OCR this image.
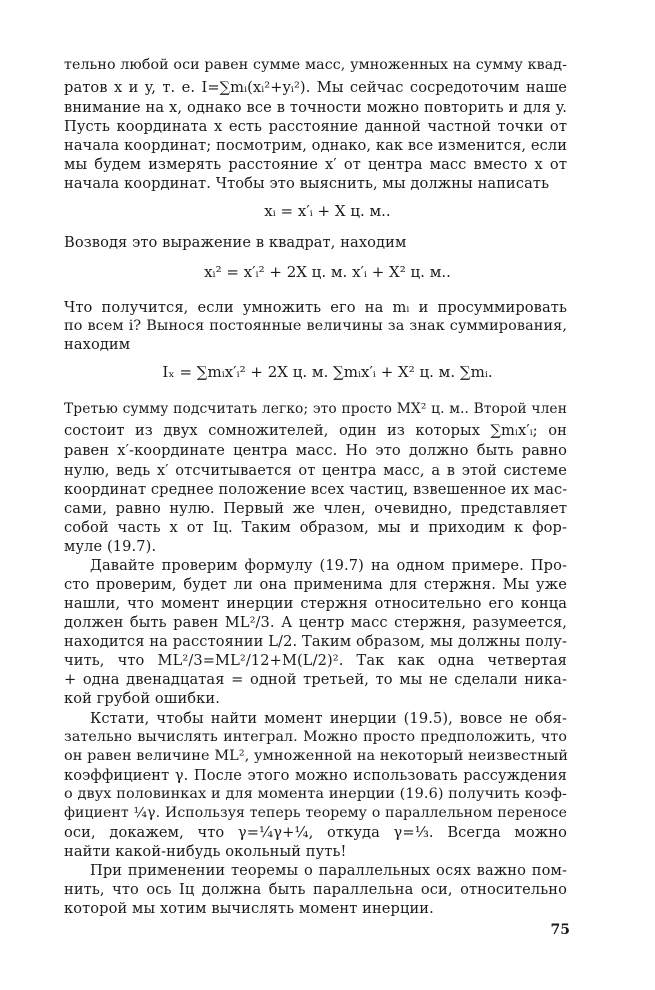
тельно любой оси равен сумме масс, умноженных на сумму квад-
ратов x и y, т. е. I=∑mᵢ(xᵢ²+yᵢ²). Мы сейчас сосредоточим наше
внимание на x, однако все в точности можно повторить и для y.
Пусть координата x есть расстояние данной частной точки от
начала координат; посмотрим, однако, как все изменится, если
мы будем измерять расстояние x′ от центра масс вместо x от
начала координат. Чтобы это выяснить, мы должны написать
xᵢ = x′ᵢ + X ц. м..
Возводя это выражение в квадрат, находим
xᵢ² = x′ᵢ² + 2X ц. м. x′ᵢ + X² ц. м..
Что получится, если умножить его на mᵢ и просуммировать
по всем i? Вынося постоянные величины за знак суммирования,
находим
Iₓ = ∑mᵢx′ᵢ² + 2X ц. м. ∑mᵢx′ᵢ + X² ц. м. ∑mᵢ.
Третью сумму подсчитать легко; это просто MX² ц. м.. Второй член
состоит из двух сомножителей, один из которых ∑mᵢx′ᵢ; он
равен x′-координате центра масс. Но это должно быть равно
нулю, ведь x′ отсчитывается от центра масс, а в этой системе
координат среднее положение всех частиц, взвешенное их мас-
сами, равно нулю. Первый же член, очевидно, представляет
собой часть x от Iц. Таким образом, мы и приходим к фор-
муле (19.7).
Давайте проверим формулу (19.7) на одном примере. Про-
сто проверим, будет ли она применима для стержня. Мы уже
нашли, что момент инерции стержня относительно его конца
должен быть равен ML²/3. А центр масс стержня, разумеется,
находится на расстоянии L/2. Таким образом, мы должны полу-
чить, что ML²/3=ML²/12+M(L/2)². Так как одна четвертая
+ одна двенадцатая = одной третьей, то мы не сделали ника-
кой грубой ошибки.
Кстати, чтобы найти момент инерции (19.5), вовсе не обя-
зательно вычислять интеграл. Можно просто предположить, что
он равен величине ML², умноженной на некоторый неизвестный
коэффициент γ. После этого можно использовать рассуждения
о двух половинках и для момента инерции (19.6) получить коэф-
фициент ¼γ. Используя теперь теорему о параллельном переносе
оси, докажем, что γ=¼γ+¼, откуда γ=⅓. Всегда можно
найти какой-нибудь окольный путь!
При применении теоремы о параллельных осях важно пом-
нить, что ось Iц должна быть параллельна оси, относительно
которой мы хотим вычислять момент инерции.
75
